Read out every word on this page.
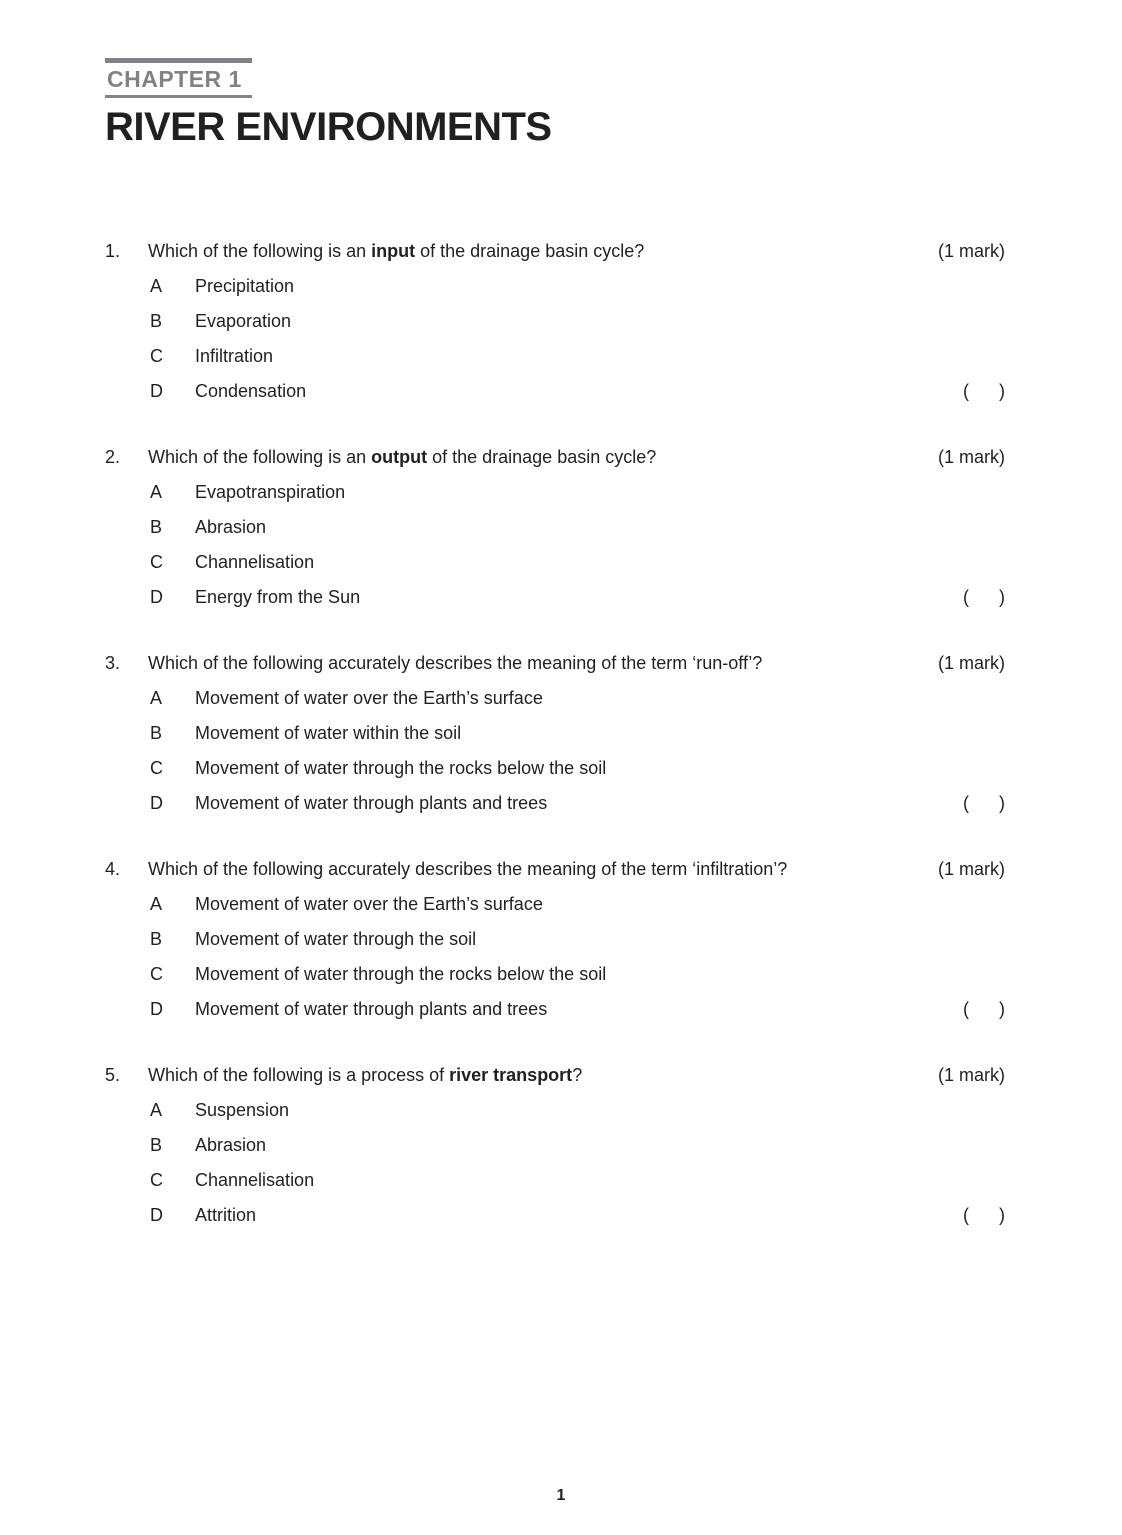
CHAPTER 1
RIVER ENVIRONMENTS
1.	Which of the following is an input of the drainage basin cycle?	(1 mark)
A	Precipitation
B	Evaporation
C	Infiltration
D	Condensation	(      )
2.	Which of the following is an output of the drainage basin cycle?	(1 mark)
A	Evapotranspiration
B	Abrasion
C	Channelisation
D	Energy from the Sun	(      )
3.	Which of the following accurately describes the meaning of the term ‘run-off’?	(1 mark)
A	Movement of water over the Earth’s surface
B	Movement of water within the soil
C	Movement of water through the rocks below the soil
D	Movement of water through plants and trees	(      )
4.	Which of the following accurately describes the meaning of the term ‘infiltration’?	(1 mark)
A	Movement of water over the Earth’s surface
B	Movement of water through the soil
C	Movement of water through the rocks below the soil
D	Movement of water through plants and trees	(      )
5.	Which of the following is a process of river transport?	(1 mark)
A	Suspension
B	Abrasion
C	Channelisation
D	Attrition	(      )
1
